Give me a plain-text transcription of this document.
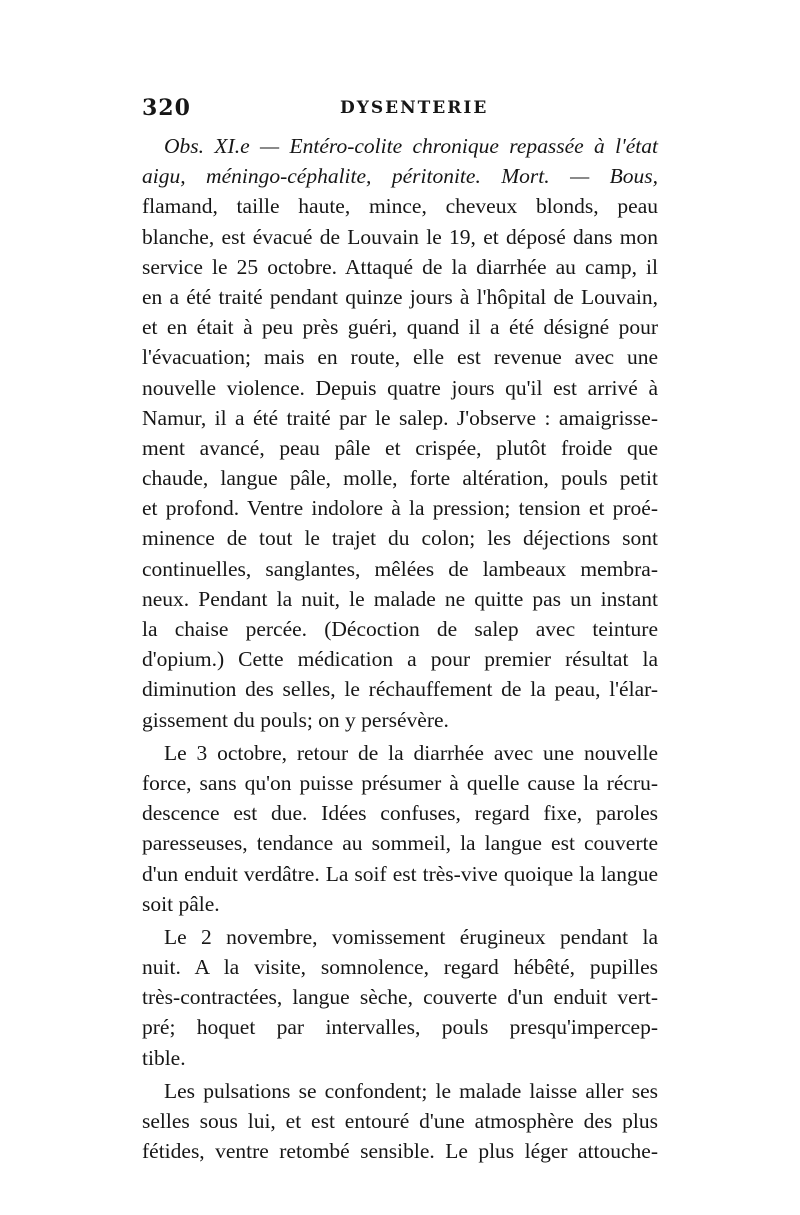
320	DYSENTERIE
Obs. XI.e — Entéro-colite chronique repassée à l'état
aigu, méningo-céphalite, péritonite. Mort. — Bous,
flamand, taille haute, mince, cheveux blonds, peau
blanche, est évacué de Louvain le 19, et déposé dans mon
service le 25 octobre. Attaqué de la diarrhée au camp, il
en a été traité pendant quinze jours à l'hôpital de Louvain,
et en était à peu près guéri, quand il a été désigné pour
l'évacuation; mais en route, elle est revenue avec une
nouvelle violence. Depuis quatre jours qu'il est arrivé à
Namur, il a été traité par le salep. J'observe : amaigrisse-
ment avancé, peau pâle et crispée, plutôt froide que
chaude, langue pâle, molle, forte altération, pouls petit
et profond. Ventre indolore à la pression; tension et proé-
minence de tout le trajet du colon; les déjections sont
continuelles, sanglantes, mêlées de lambeaux membra-
neux. Pendant la nuit, le malade ne quitte pas un instant
la chaise percée. (Décoction de salep avec teinture
d'opium.) Cette médication a pour premier résultat la
diminution des selles, le réchauffement de la peau, l'élar-
gissement du pouls; on y persévère.
Le 3 octobre, retour de la diarrhée avec une nouvelle
force, sans qu'on puisse présumer à quelle cause la récru-
descence est due. Idées confuses, regard fixe, paroles
paresseuses, tendance au sommeil, la langue est couverte
d'un enduit verdâtre. La soif est très-vive quoique la langue
soit pâle.
Le 2 novembre, vomissement érugineux pendant la
nuit. A la visite, somnolence, regard hébêté, pupilles
très-contractées, langue sèche, couverte d'un enduit vert-
pré; hoquet par intervalles, pouls presqu'impercep-
tible.
Les pulsations se confondent; le malade laisse aller ses
selles sous lui, et est entouré d'une atmosphère des plus
fétides, ventre retombé sensible. Le plus léger attouche-
